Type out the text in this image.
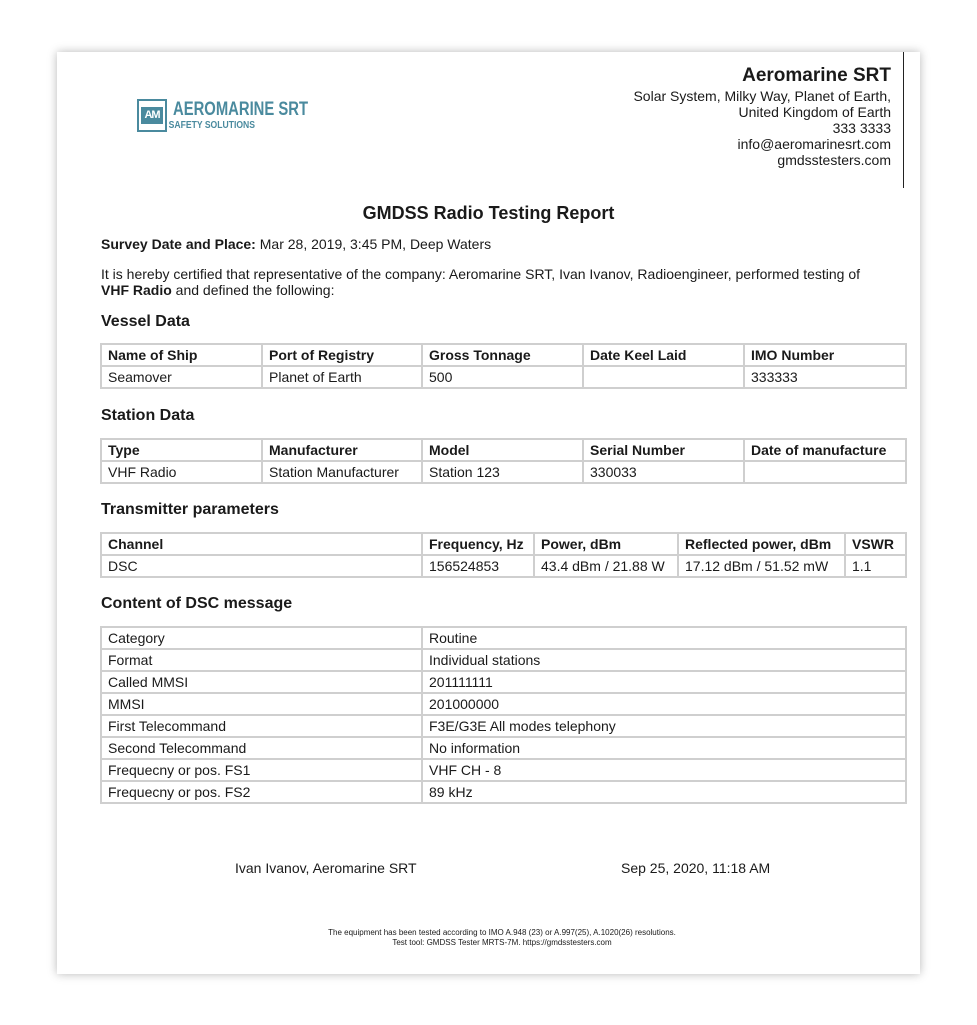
AM AEROMARINE SRT
SAFETY SOLUTIONS
Aeromarine SRT
Solar System, Milky Way, Planet of Earth,
United Kingdom of Earth
333 3333
info@aeromarinesrt.com
gmdsstesters.com
GMDSS Radio Testing Report
Survey Date and Place: Mar 28, 2019, 3:45 PM, Deep Waters
It is hereby certified that representative of the company: Aeromarine SRT, Ivan Ivanov, Radioengineer, performed testing of VHF Radio and defined the following:
Vessel Data
Name of Ship	Port of Registry	Gross Tonnage	Date Keel Laid	IMO Number
Seamover	Planet of Earth	500		333333
Station Data
Type	Manufacturer	Model	Serial Number	Date of manufacture
VHF Radio	Station Manufacturer	Station 123	330033	
Transmitter parameters
Channel	Frequency, Hz	Power, dBm	Reflected power, dBm	VSWR
DSC	156524853	43.4 dBm / 21.88 W	17.12 dBm / 51.52 mW	1.1
Content of DSC message
Category	Routine
Format	Individual stations
Called MMSI	201111111
MMSI	201000000
First Telecommand	F3E/G3E All modes telephony
Second Telecommand	No information
Frequecny or pos. FS1	VHF CH - 8
Frequecny or pos. FS2	89 kHz
Ivan Ivanov, Aeromarine SRT	Sep 25, 2020, 11:18 AM
The equipment has been tested according to IMO A.948 (23) or A.997(25), A.1020(26) resolutions.
Test tool: GMDSS Tester MRTS-7M. https://gmdsstesters.com
